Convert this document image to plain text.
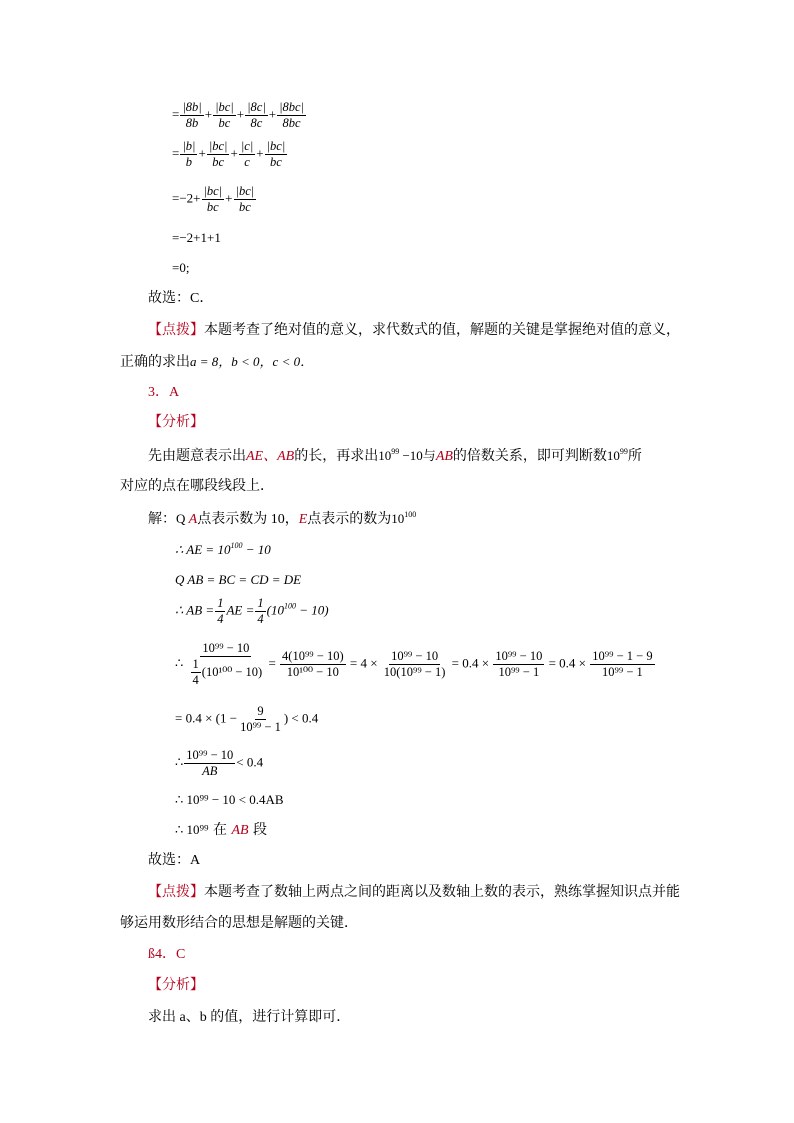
= $\frac{|8b|}{8b} + \frac{|bc|}{bc} + \frac{|8c|}{8c} + \frac{|8bc|}{8bc}$
= $\frac{|b|}{b} + \frac{|bc|}{bc} + \frac{|c|}{c} + \frac{|bc|}{bc}$
$=-2+ \frac{|bc|}{bc} + \frac{|bc|}{bc}$
=−2+1+1
=0;
故选：C．
【点拨】本题考查了绝对值的意义，求代数式的值，解题的关键是掌握绝对值的意义，
正确的求出a = 8，b < 0，c < 0．
3．A
【分析】
先由题意表示出AE、AB的长，再求出$10^{99} -10$与AB的倍数关系，即可判断数$10^{99}$所
对应的点在哪段线段上．
解：Q A点表示数为 10，E点表示的数为$10^{100}$
∴ AE = $10^{100} - 10$
Q AB = BC = CD = DE
∴ AB = $\frac{1}{4}$ AE = $\frac{1}{4} (10^{100} - 10)$
∴ $\frac{\text{10⁹⁹ − 10}}{\frac{1}{4} (10^{100} - 10)} = \frac{\text{4(10⁹⁹ − 10)}}{\text{10¹⁰⁰ − 10}} = 4 \times \frac{\text{10⁹⁹ − 10}}{\text{10(10⁹⁹ − 1)}} = 0.4 \times \frac{\text{10⁹⁹ − 10}}{\text{10⁹⁹ − 1}} = 0.4 \times \frac{\text{10⁹⁹ − 1 − 9}}{\text{10⁹⁹ − 1}}$
= $0.4 \times (1 - \frac{9}{\text{10⁹⁹ − 1}}$ ) < 0.4
∴ $\frac{\text{10⁹⁹ − 10}}{AB} < 0.4$
∴ 10⁹⁹ − 10 < 0.4AB
∴ 10⁹⁹ 在 AB 段
故选：A
【点拨】本题考查了数轴上两点之间的距离以及数轴上数的表示，熟练掌握知识点并能
够运用数形结合的思想是解题的关键．
ß4．C
【分析】
求出 a、b 的值，进行计算即可．
